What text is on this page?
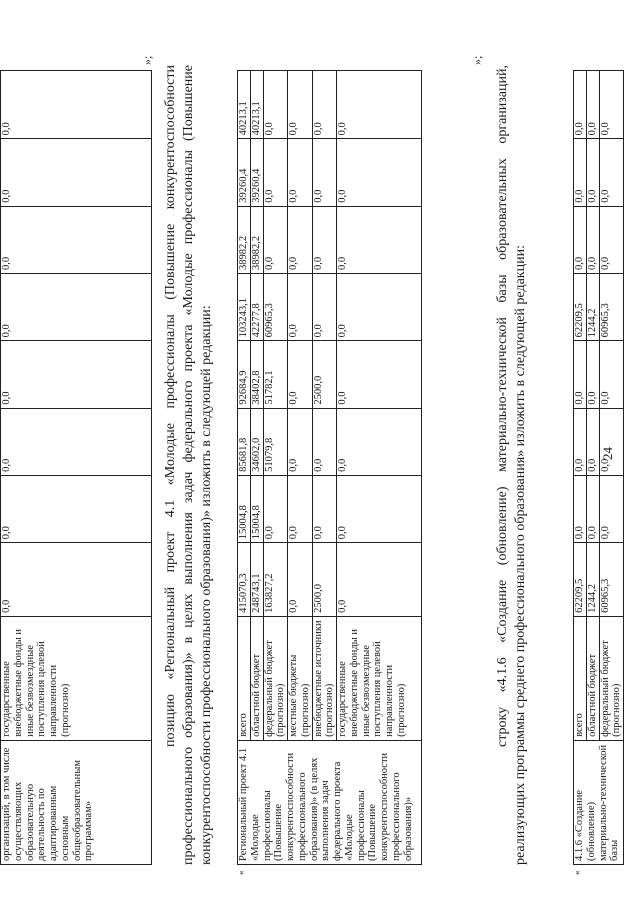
24
организаций, в том числе осуществляющих образовательную деятельность по адаптированным основным общеобразовательным программам»	государственные внебюджетные фонды и иные безвозмездные поступления целевой направленности (прогнозно)	0,0	0,0	0,0	0,0	0,0	0,0	0,0	0,0
»;
позицию «Региональный проект 4.1 «Молодые профессионалы (Повышение конкурентоспособности профессионального образования)» в целях выполнения задач федерального проекта «Молодые профессионалы (Повышение конкурентоспособности профессионального образования)» изложить в следующей редакции:
«
Региональный проект 4.1 «Молодые профессионалы (Повышение конкурентоспособности профессионального образования)» (в целях выполнения задач федерального проекта «Молодые профессионалы (Повышение конкурентоспособности профессионального образования)»	всего	415070,3	15004,8	85681,8	92684,9	103243,1	38982,2	39260,4	40213,1
	областной бюджет	248743,1	15004,8	34602,0	38402,8	42277,8	38982,2	39260,4	40213,1
	федеральный бюджет (прогнозно)	163827,2	0,0	51079,8	51782,1	60965,3	0,0	0,0	0,0
	местные бюджеты (прогнозно)	0,0	0,0	0,0	0,0	0,0	0,0	0,0	0,0
	внебюджетные источники (прогнозно)	2500,0	0,0	0,0	2500,0	0,0	0,0	0,0	0,0
	государственные внебюджетные фонды и иные безвозмездные поступления целевой направленности (прогнозно)	0,0	0,0	0,0	0,0	0,0	0,0	0,0	0,0
»;
строку «4.1.6 «Создание (обновление) материально-технической базы образовательных организаций, реализующих программы среднего профессионального образования» изложить в следующей редакции:
«
4.1.6 «Создание (обновление) материально-технической базы	всего	62209,5	0,0	0,0	0,0	62209,5	0,0	0,0	0,0
	областной бюджет	1244,2	0,0	0,0	0,0	1244,2	0,0	0,0	0,0
	федеральный бюджет (прогнозно)	60965,3	0,0	0,0	0,0	60965,3	0,0	0,0	0,0
